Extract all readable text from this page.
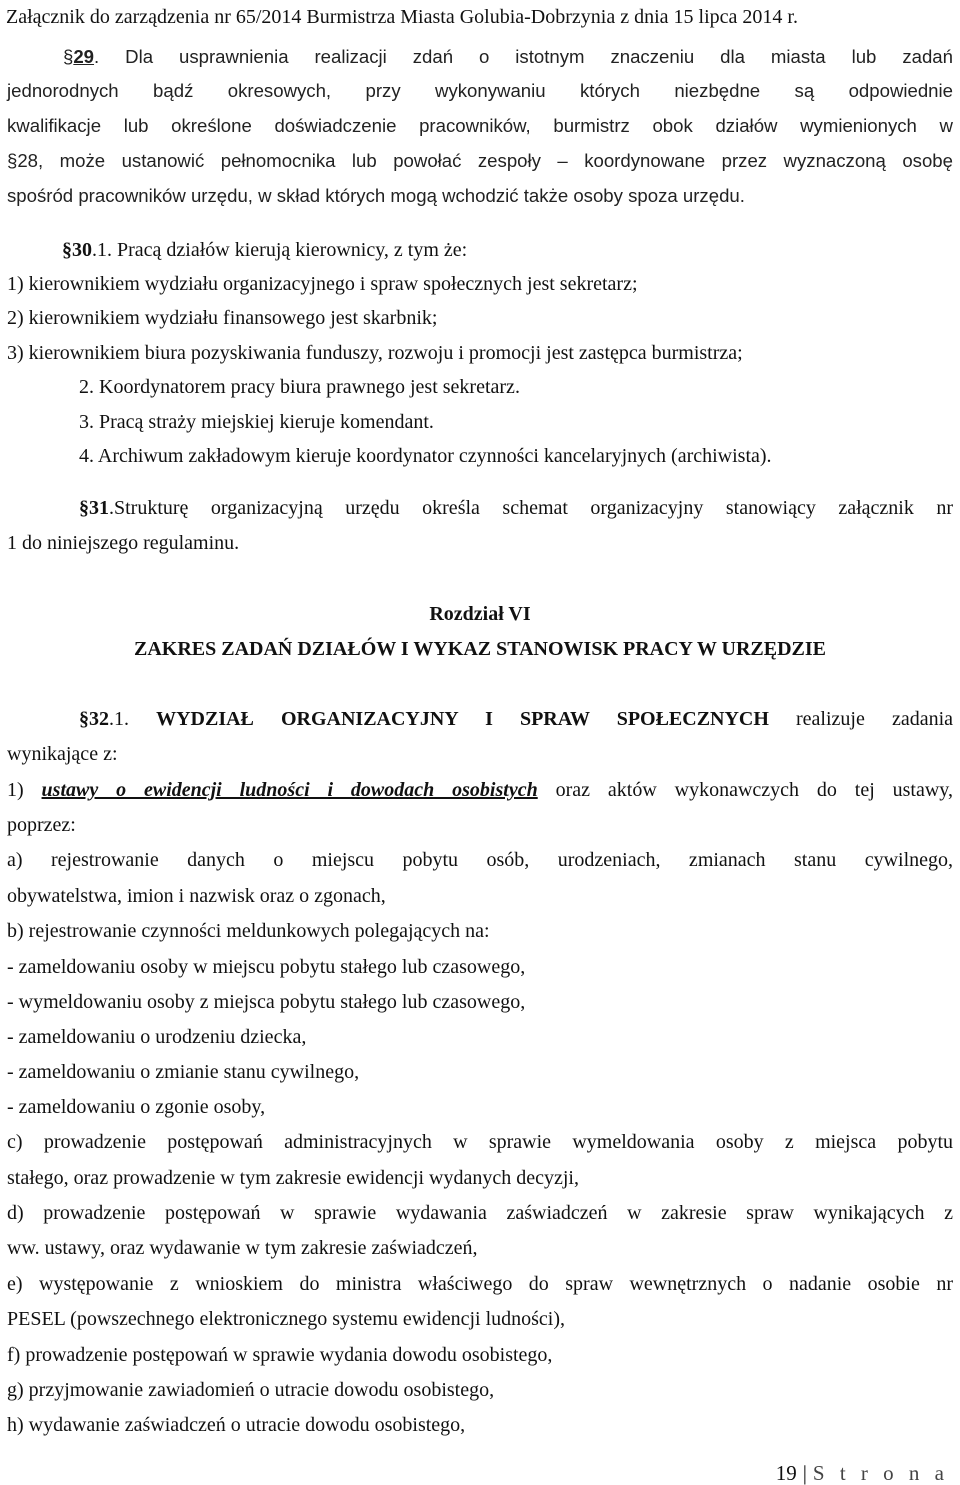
Załącznik do zarządzenia nr 65/2014 Burmistrza Miasta Golubia-Dobrzynia z dnia 15 lipca 2014 r.
§29. Dla usprawnienia realizacji zdań o istotnym znaczeniu dla miasta lub zadań
jednorodnych bądź okresowych, przy wykonywaniu których niezbędne są odpowiednie
kwalifikacje lub określone doświadczenie pracowników, burmistrz obok działów wymienionych w
§28, może ustanowić pełnomocnika lub powołać zespoły – koordynowane przez wyznaczoną osobę
spośród pracowników urzędu, w skład których mogą wchodzić także osoby spoza urzędu.
§30.1. Pracą działów kierują kierownicy, z tym że:
1) kierownikiem wydziału organizacyjnego i spraw społecznych jest sekretarz;
2) kierownikiem wydziału finansowego jest skarbnik;
3) kierownikiem biura pozyskiwania funduszy, rozwoju i promocji jest zastępca burmistrza;
2. Koordynatorem pracy biura prawnego jest sekretarz.
3. Pracą straży miejskiej kieruje komendant.
4. Archiwum zakładowym kieruje koordynator czynności kancelaryjnych (archiwista).
§31.Strukturę organizacyjną urzędu określa schemat organizacyjny stanowiący załącznik nr
1 do niniejszego regulaminu.
Rozdział VI
ZAKRES ZADAŃ DZIAŁÓW I WYKAZ STANOWISK PRACY W URZĘDZIE
§32.1. WYDZIAŁ ORGANIZACYJNY I SPRAW SPOŁECZNYCH realizuje zadania
wynikające z:
1) ustawy o ewidencji ludności i dowodach osobistych oraz aktów wykonawczych do tej ustawy,
poprzez:
a) rejestrowanie danych o miejscu pobytu osób, urodzeniach, zmianach stanu cywilnego,
obywatelstwa, imion i nazwisk oraz o zgonach,
b) rejestrowanie czynności meldunkowych polegających na:
- zameldowaniu osoby w miejscu pobytu stałego lub czasowego,
- wymeldowaniu osoby z miejsca pobytu stałego lub czasowego,
- zameldowaniu o urodzeniu dziecka,
- zameldowaniu o zmianie stanu cywilnego,
- zameldowaniu o zgonie osoby,
c) prowadzenie postępowań administracyjnych w sprawie wymeldowania osoby z miejsca pobytu
stałego, oraz prowadzenie w tym zakresie ewidencji wydanych decyzji,
d) prowadzenie postępowań w sprawie wydawania zaświadczeń w zakresie spraw wynikających z
ww. ustawy, oraz wydawanie w tym zakresie zaświadczeń,
e) występowanie z wnioskiem do ministra właściwego do spraw wewnętrznych o nadanie osobie nr
PESEL (powszechnego elektronicznego systemu ewidencji ludności),
f) prowadzenie postępowań w sprawie wydania dowodu osobistego,
g) przyjmowanie zawiadomień o utracie dowodu osobistego,
h) wydawanie zaświadczeń o utracie dowodu osobistego,
19 | S t r o n a
